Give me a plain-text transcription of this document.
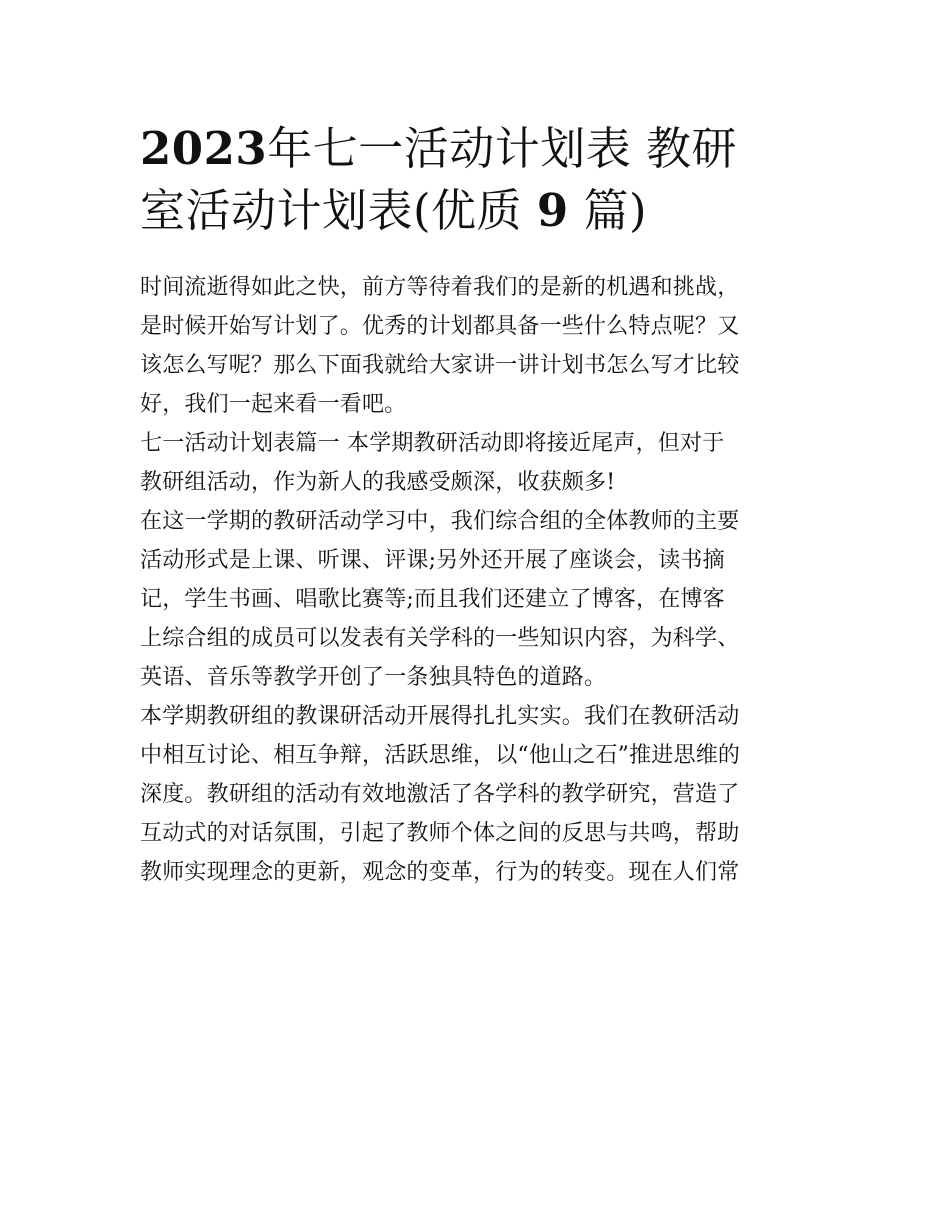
2023年七一活动计划表 教研
室活动计划表(优质 9 篇)

时间流逝得如此之快，前方等待着我们的是新的机遇和挑战，
是时候开始写计划了。优秀的计划都具备一些什么特点呢？又
该怎么写呢？那么下面我就给大家讲一讲计划书怎么写才比较
好，我们一起来看一看吧。

七一活动计划表篇一 本学期教研活动即将接近尾声，但对于
教研组活动，作为新人的我感受颇深，收获颇多!

在这一学期的教研活动学习中，我们综合组的全体教师的主要
活动形式是上课、听课、评课;另外还开展了座谈会，读书摘
记，学生书画、唱歌比赛等;而且我们还建立了博客，在博客
上综合组的成员可以发表有关学科的一些知识内容，为科学、
英语、音乐等教学开创了一条独具特色的道路。

本学期教研组的教课研活动开展得扎扎实实。我们在教研活动
中相互讨论、相互争辩，活跃思维，以“他山之石”推进思维的
深度。教研组的活动有效地激活了各学科的教学研究，营造了
互动式的对话氛围，引起了教师个体之间的反思与共鸣，帮助
教师实现理念的更新，观念的变革，行为的转变。现在人们常
